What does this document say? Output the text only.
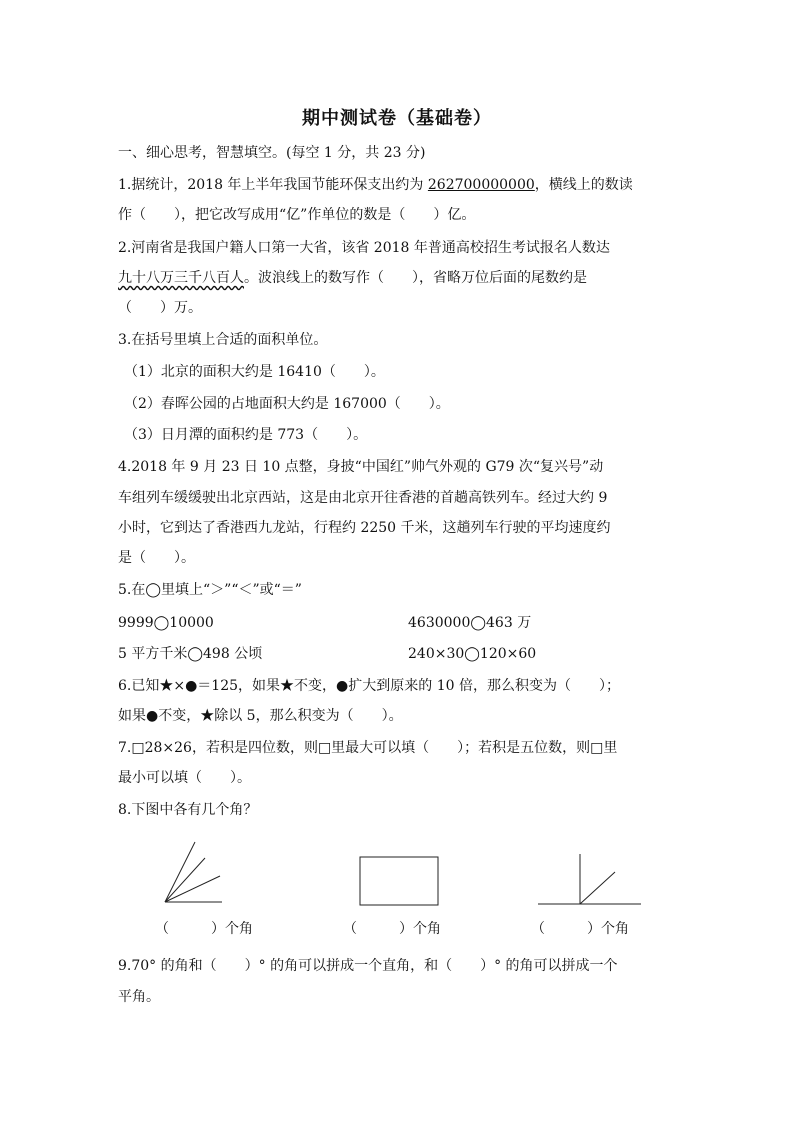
期中测试卷（基础卷）
一、细心思考，智慧填空。(每空 1 分，共 23 分)
1.据统计，2018 年上半年我国节能环保支出约为 262700000000，横线上的数读
作（　　），把它改写成用“亿”作单位的数是（　　）亿。
2.河南省是我国户籍人口第一大省，该省 2018 年普通高校招生考试报名人数达
九十八万三千八百人。波浪线上的数写作（　　），省略万位后面的尾数约是
（　　）万。
3.在括号里填上合适的面积单位。
（1）北京的面积大约是 16410（　　）。
（2）春晖公园的占地面积大约是 167000（　　）。
（3）日月潭的面积约是 773（　　）。
4.2018 年 9 月 23 日 10 点整，身披“中国红”帅气外观的 G79 次“复兴号”动
车组列车缓缓驶出北京西站，这是由北京开往香港的首趟高铁列车。经过大约 9
小时，它到达了香港西九龙站，行程约 2250 千米，这趟列车行驶的平均速度约
是（　　）。
5.在◯里填上“＞”“＜”或“＝”
9999◯10000	4630000◯463 万
5 平方千米◯498 公顷	240×30◯120×60
6.已知★×●＝125，如果★不变，●扩大到原来的 10 倍，那么积变为（　　）；
如果●不变，★除以 5，那么积变为（　　）。
7.□28×26，若积是四位数，则□里最大可以填（　　）；若积是五位数，则□里
最小可以填（　　）。
8.下图中各有几个角？
（　　　）个角	（　　　）个角	（　　　）个角
9.70° 的角和（　　）° 的角可以拼成一个直角，和（　　）° 的角可以拼成一个
平角。
